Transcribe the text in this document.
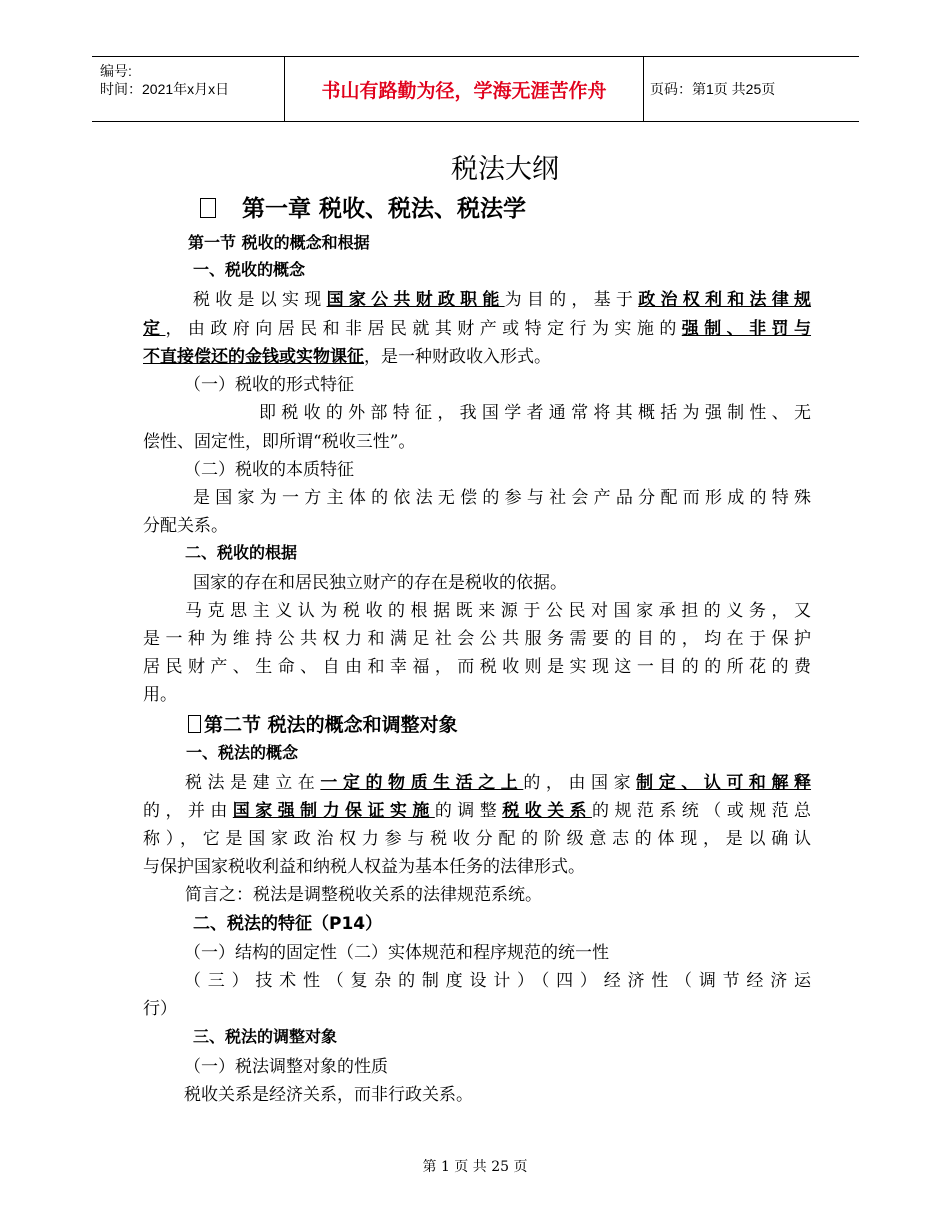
编号:
时间：2021年x月x日	书山有路勤为径，学海无涯苦作舟	页码：第1页 共25页
税法大纲
第一章 税收、税法、税法学
第一节 税收的概念和根据
一、税收的概念
税收是以实现国家公共财政职能为目的，基于政治权利和法律规
定，由政府向居民和非居民就其财产或特定行为实施的强制、非罚与
不直接偿还的金钱或实物课征，是一种财政收入形式。
（一）税收的形式特征
即税收的外部特征，我国学者通常将其概括为强制性、无
偿性、固定性，即所谓“税收三性”。
（二）税收的本质特征
是国家为一方主体的依法无偿的参与社会产品分配而形成的特殊
分配关系。
二、税收的根据
国家的存在和居民独立财产的存在是税收的依据。
马克思主义认为税收的根据既来源于公民对国家承担的义务，又
是一种为维持公共权力和满足社会公共服务需要的目的，均在于保护
居民财产、生命、自由和幸福，而税收则是实现这一目的的所花的费
用。
第二节 税法的概念和调整对象
一、税法的概念
税法是建立在一定的物质生活之上的，由国家制定、认可和解释
的，并由国家强制力保证实施的调整税收关系的规范系统（或规范总
称），它是国家政治权力参与税收分配的阶级意志的体现，是以确认
与保护国家税收利益和纳税人权益为基本任务的法律形式。
简言之：税法是调整税收关系的法律规范系统。
二、税法的特征（P14）
（一）结构的固定性（二）实体规范和程序规范的统一性
（三）技术性（复杂的制度设计）（四）经济性（调节经济运
行）
三、税法的调整对象
（一）税法调整对象的性质
税收关系是经济关系，而非行政关系。
第 1 页 共 25 页
